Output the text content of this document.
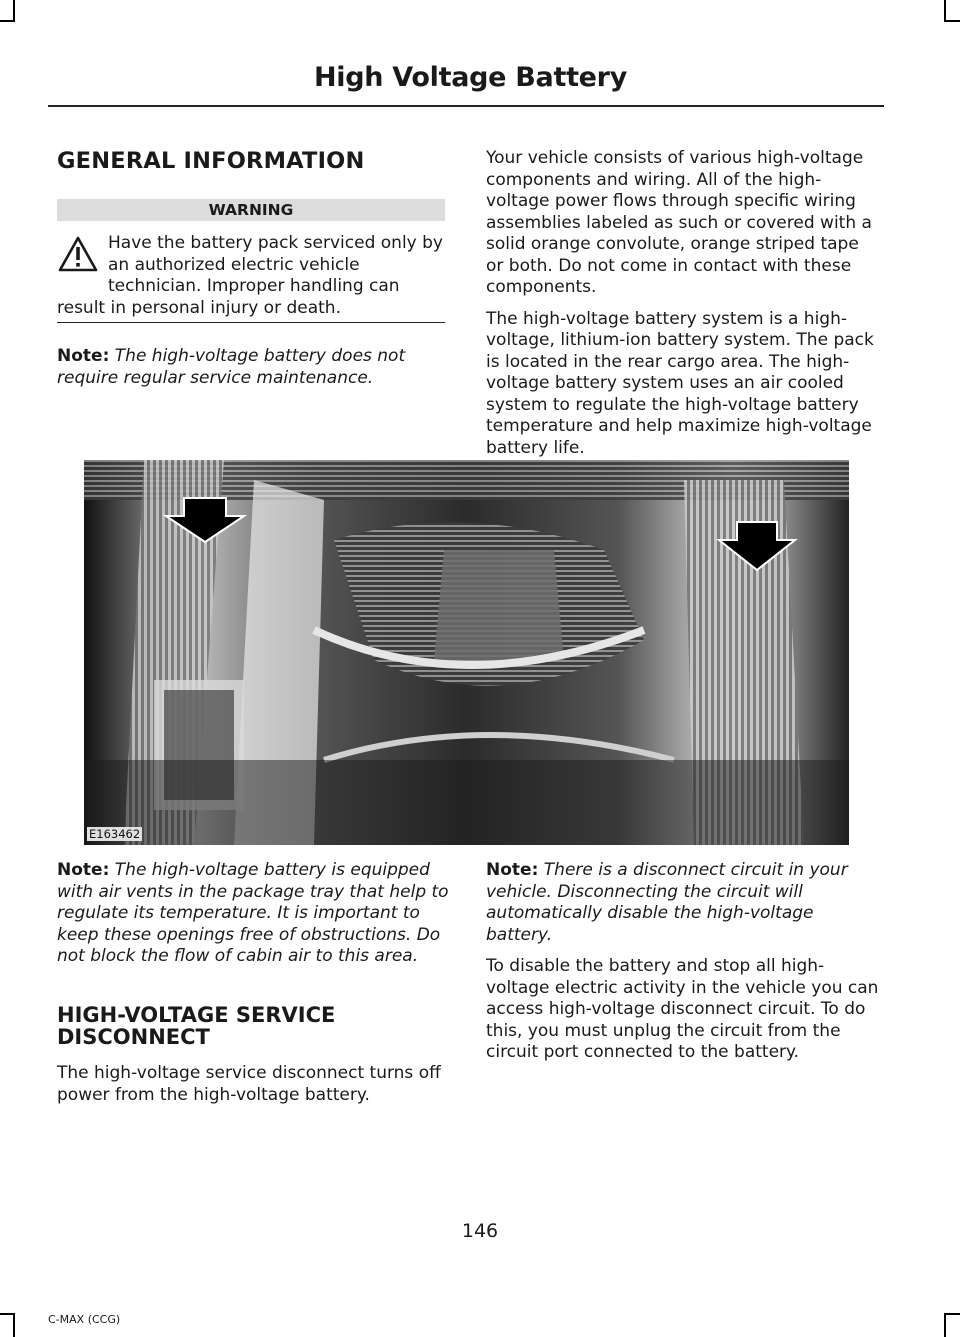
High Voltage Battery
GENERAL INFORMATION
WARNING
Have the battery pack serviced only by an authorized electric vehicle technician. Improper handling can
result in personal injury or death.
Note: The high-voltage battery does not require regular service maintenance.

Your vehicle consists of various high-voltage components and wiring. All of the high-voltage power flows through specific wiring assemblies labeled as such or covered with a solid orange convolute, orange striped tape or both. Do not come in contact with these components.

The high-voltage battery system is a high-voltage, lithium-ion battery system. The pack is located in the rear cargo area. The high-voltage battery system uses an air cooled system to regulate the high-voltage battery temperature and help maximize high-voltage battery life.

E163462
Note: The high-voltage battery is equipped with air vents in the package tray that help to regulate its temperature. It is important to keep these openings free of obstructions. Do not block the flow of cabin air to this area.
HIGH-VOLTAGE SERVICE DISCONNECT
The high-voltage service disconnect turns off power from the high-voltage battery.

Note: There is a disconnect circuit in your vehicle. Disconnecting the circuit will automatically disable the high-voltage battery.

To disable the battery and stop all high-voltage electric activity in the vehicle you can access high-voltage disconnect circuit. To do this, you must unplug the circuit from the circuit port connected to the battery.

146
C-MAX (CCG)
